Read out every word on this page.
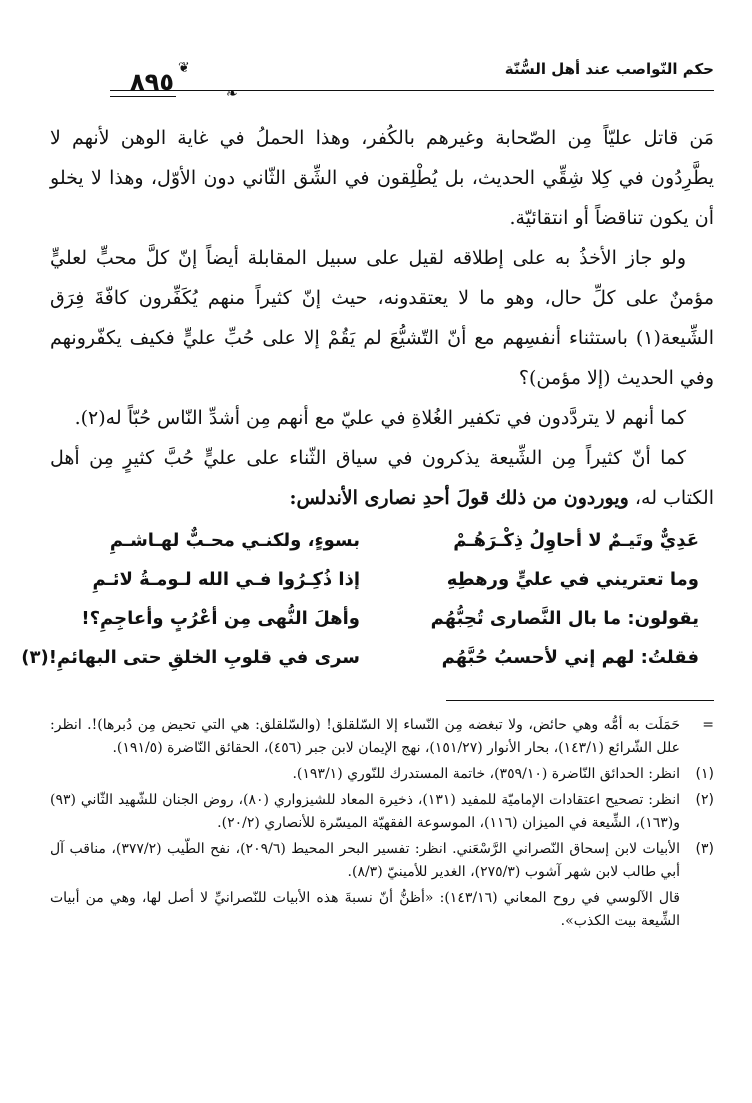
حكم النّواصب عند أهل السُّنّة
❦
٨٩٥	❧

مَن قاتل عليّاً مِن الصّحابة وغيرهم بالكُفر، وهذا الحملُ في غاية الوهن لأنهم لا يطَّرِدُون في كِلا شِقِّي الحديث، بل يُطْلِقون في الشِّق الثّاني دون الأوّل، وهذا لا يخلو أن يكون تناقضاً أو انتقائيّة.

ولو جاز الأخذُ به على إطلاقه لقيل على سبيل المقابلة أيضاً إنّ كلَّ محبٍّ لعليٍّ مؤمنٌ على كلِّ حال، وهو ما لا يعتقدونه، حيث إنّ كثيراً منهم يُكَفِّرون كافّةَ فِرَق الشِّيعة(١) باستثناء أنفسِهم مع أنّ التّشيُّعَ لم يَقُمْ إلا على حُبِّ عليٍّ فكيف يكفّرونهم وفي الحديث (إلا مؤمن)؟

كما أنهم لا يتردَّدون في تكفير الغُلاةِ في عليّ مع أنهم مِن أشدِّ النّاس حُبّاً له(٢).

كما أنّ كثيراً مِن الشِّيعة يذكرون في سياق الثّناء على عليٍّ حُبَّ كثيرٍ مِن أهل الكتاب له، ويوردون من ذلك قولَ أحدِ نصارى الأندلس:

عَدِيٌّ وتَيـمٌ لا أحاوِلُ ذِكْـرَهُـمْ
بسوءٍ، ولكنـي محـبٌّ لهـاشـمِ
وما تعتريني في عليٍّ ورهطِهِ
إذا ذُكِـرُوا فـي الله لـومـةُ لائـمِ
يقولون: ما بال النَّصارى تُحِبُّهُم
وأهلَ النُّهى مِن أعْرُبٍ وأعاجِمِ؟!
فقلتُ: لهم إني لأحسبُ حُبَّهُم
سرى في قلوبِ الخلقِ حتى البهائمِ!(٣)
=
حَمَلَت به أمُّه وهي حائض، ولا تبغضه مِن النّساء إلا السّلقلق! (والسّلقلق: هي التي تحيض مِن دُبرها)!. انظر: علل الشّرائع (١٤٣/١)، بحار الأنوار (١٥١/٢٧)، نهج الإيمان لابن جبر (٤٥٦)، الحقائق النّاضرة (١٩١/٥).
(١)
انظر: الحدائق النّاضرة (٣٥٩/١٠)، خاتمة المستدرك للنّوري (١٩٣/١).
(٢)
انظر: تصحيح اعتقادات الإماميّة للمفيد (١٣١)، ذخيرة المعاد للشيزواري (٨٠)، روض الجنان للشّهيد الثّاني (٩٣) و(١٦٣)، الشِّيعة في الميزان (١١٦)، الموسوعة الفقهيّة الميسّرة للأنصاري (٢٠/٢).
(٣)
الأبيات لابن إسحاق النّصراني الرَّسْعَني. انظر: تفسير البحر المحيط (٢٠٩/٦)، نفح الطّيب (٣٧٧/٢)، مناقب آل أبي طالب لابن شهر آشوب (٢٧٥/٣)، الغدير للأمينيّ (٨/٣).
قال الآلوسي في روح المعاني (١٤٣/١٦): «أظنُّ أنّ نسبةَ هذه الأبيات للنّصرانيِّ لا أصل لها، وهي من أبيات الشِّيعة بيت الكذب».
